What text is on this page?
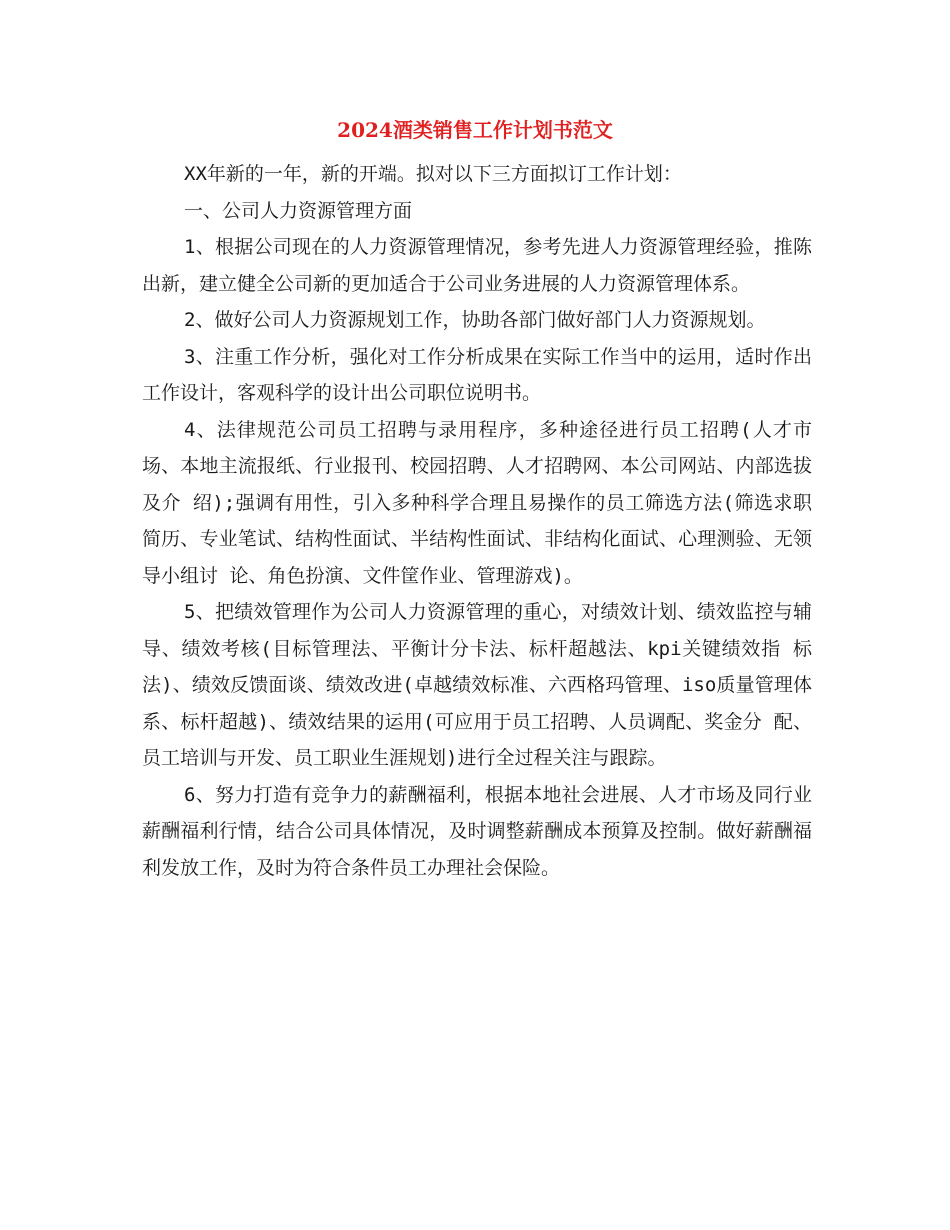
2024酒类销售工作计划书范文

XX年新的一年，新的开端。拟对以下三方面拟订工作计划：

一、公司人力资源管理方面

1、根据公司现在的人力资源管理情况，参考先进人力资源管理经验，推陈出新，建立健全公司新的更加适合于公司业务进展的人力资源管理体系。

2、做好公司人力资源规划工作，协助各部门做好部门人力资源规划。

3、注重工作分析，强化对工作分析成果在实际工作当中的运用，适时作出工作设计，客观科学的设计出公司职位说明书。

4、法律规范公司员工招聘与录用程序，多种途径进行员工招聘(人才市场、本地主流报纸、行业报刊、校园招聘、人才招聘网、本公司网站、内部选拔及介 绍);强调有用性，引入多种科学合理且易操作的员工筛选方法(筛选求职简历、专业笔试、结构性面试、半结构性面试、非结构化面试、心理测验、无领导小组讨 论、角色扮演、文件筐作业、管理游戏)。

5、把绩效管理作为公司人力资源管理的重心，对绩效计划、绩效监控与辅导、绩效考核(目标管理法、平衡计分卡法、标杆超越法、kpi关键绩效指 标法)、绩效反馈面谈、绩效改进(卓越绩效标准、六西格玛管理、iso质量管理体系、标杆超越)、绩效结果的运用(可应用于员工招聘、人员调配、奖金分 配、员工培训与开发、员工职业生涯规划)进行全过程关注与跟踪。

6、努力打造有竞争力的薪酬福利，根据本地社会进展、人才市场及同行业薪酬福利行情，结合公司具体情况，及时调整薪酬成本预算及控制。做好薪酬福利发放工作，及时为符合条件员工办理社会保险。
